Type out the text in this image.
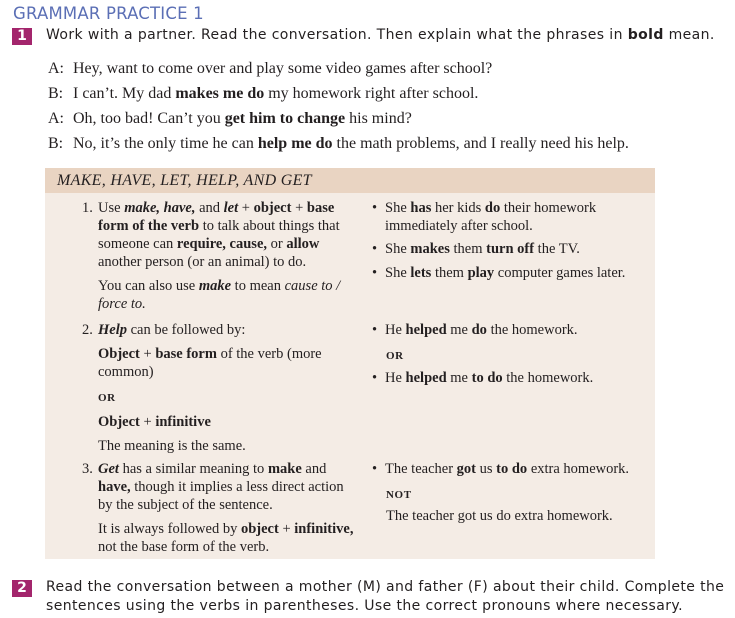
GRAMMAR PRACTICE 1
1	Work with a partner. Read the conversation. Then explain what the phrases in bold mean.
A: Hey, want to come over and play some video games after school?
B: I can’t. My dad makes me do my homework right after school.
A: Oh, too bad! Can’t you get him to change his mind?
B: No, it’s the only time he can help me do the math problems, and I really need his help.
MAKE, HAVE, LET, HELP, AND GET
1. Use make, have, and let + object + base form of the verb to talk about things that someone can require, cause, or allow another person (or an animal) to do.

You can also use make to mean cause to / force to.

2. Help can be followed by:

Object + base form of the verb (more common)

OR

Object + infinitive

The meaning is the same.

3. Get has a similar meaning to make and have, though it implies a less direct action by the subject of the sentence.

It is always followed by object + infinitive, not the base form of the verb.

• She has her kids do their homework immediately after school.
• She makes them turn off the TV.
• She lets them play computer games later.
• He helped me do the homework.
OR
• He helped me to do the homework.
• The teacher got us to do extra homework.
NOT
The teacher got us do extra homework.
2	Read the conversation between a mother (M) and father (F) about their child. Complete the sentences using the verbs in parentheses. Use the correct pronouns where necessary.
